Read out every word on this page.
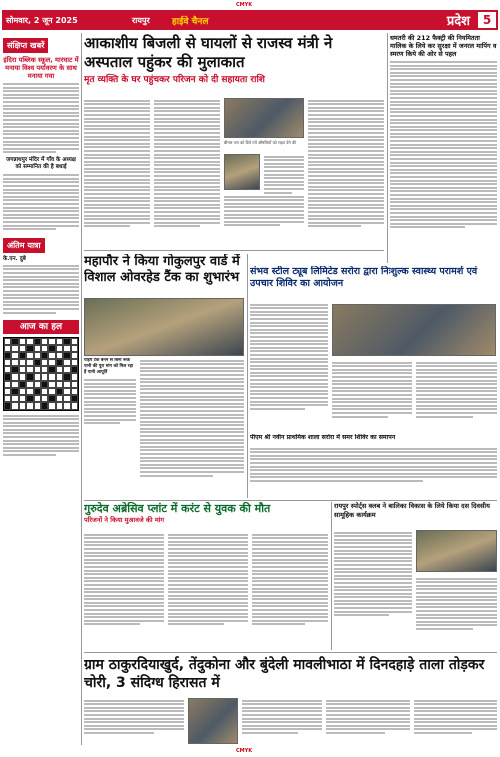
CMYK
सोमवार, 2 जून 2025	रायपुर	हाईवे चैनल	प्रदेश	5
संक्षिप्त खबरें
इंदिरा पब्लिक स्कूल, मारघाट में मनाया विश्व पर्यावरण के साथ मनाया गया
जगन्नाथपुर मंदिर में गाँव के अध्यक्ष को सम्मानित की है बधाई
अंतिम यात्रा
के.एन. दुबे
आज का हल
आकाशीय बिजली से घायलों से राजस्व मंत्री ने अस्पताल पहुंकर की मुलाकात
मृत व्यक्ति के घर पहुंचकर परिजन को दी सहायता राशि
बीमार जन को दिये गये औषधियों को राहत देने की
धमतरी की 212 फैक्ट्री की नियमितता मालिक के लिये कर सुरक्षा में जनरल मापिंग व स्मरण किये की ओर से पहल
महापौर ने किया गोकुलपुर वार्ड में विशाल ओवरहेड टैंक का शुभारंभ
पाइप टैंक बनने से बिना रूक पानी की पूरा मांग को मिल रहा है पानी आपूर्ति
संभव स्टील ट्यूब लिमिटेड सरोरा द्वारा निःशुल्क स्वास्थ्य परामर्श एवं उपचार शिविर का आयोजन
पीएम श्री नवीन प्राथमिक शाला सरोरा में समर शिविर का समापन
गुरुदेव अब्रेसिव प्लांट में करंट से युवक की मौत
परिजनों ने किया मुआवजे की मांग
रायपुर स्पोर्ट्स क्लब ने बालिका विकास के लिये किया दस दिवसीय सामूहिक कार्यक्रम
ग्राम ठाकुरदियाखुर्द, तेंदुकोना और बुंदेली मावलीभाठा में दिनदहाड़े ताला तोड़कर चोरी, 3 संदिग्ध हिरासत में
CMYK
